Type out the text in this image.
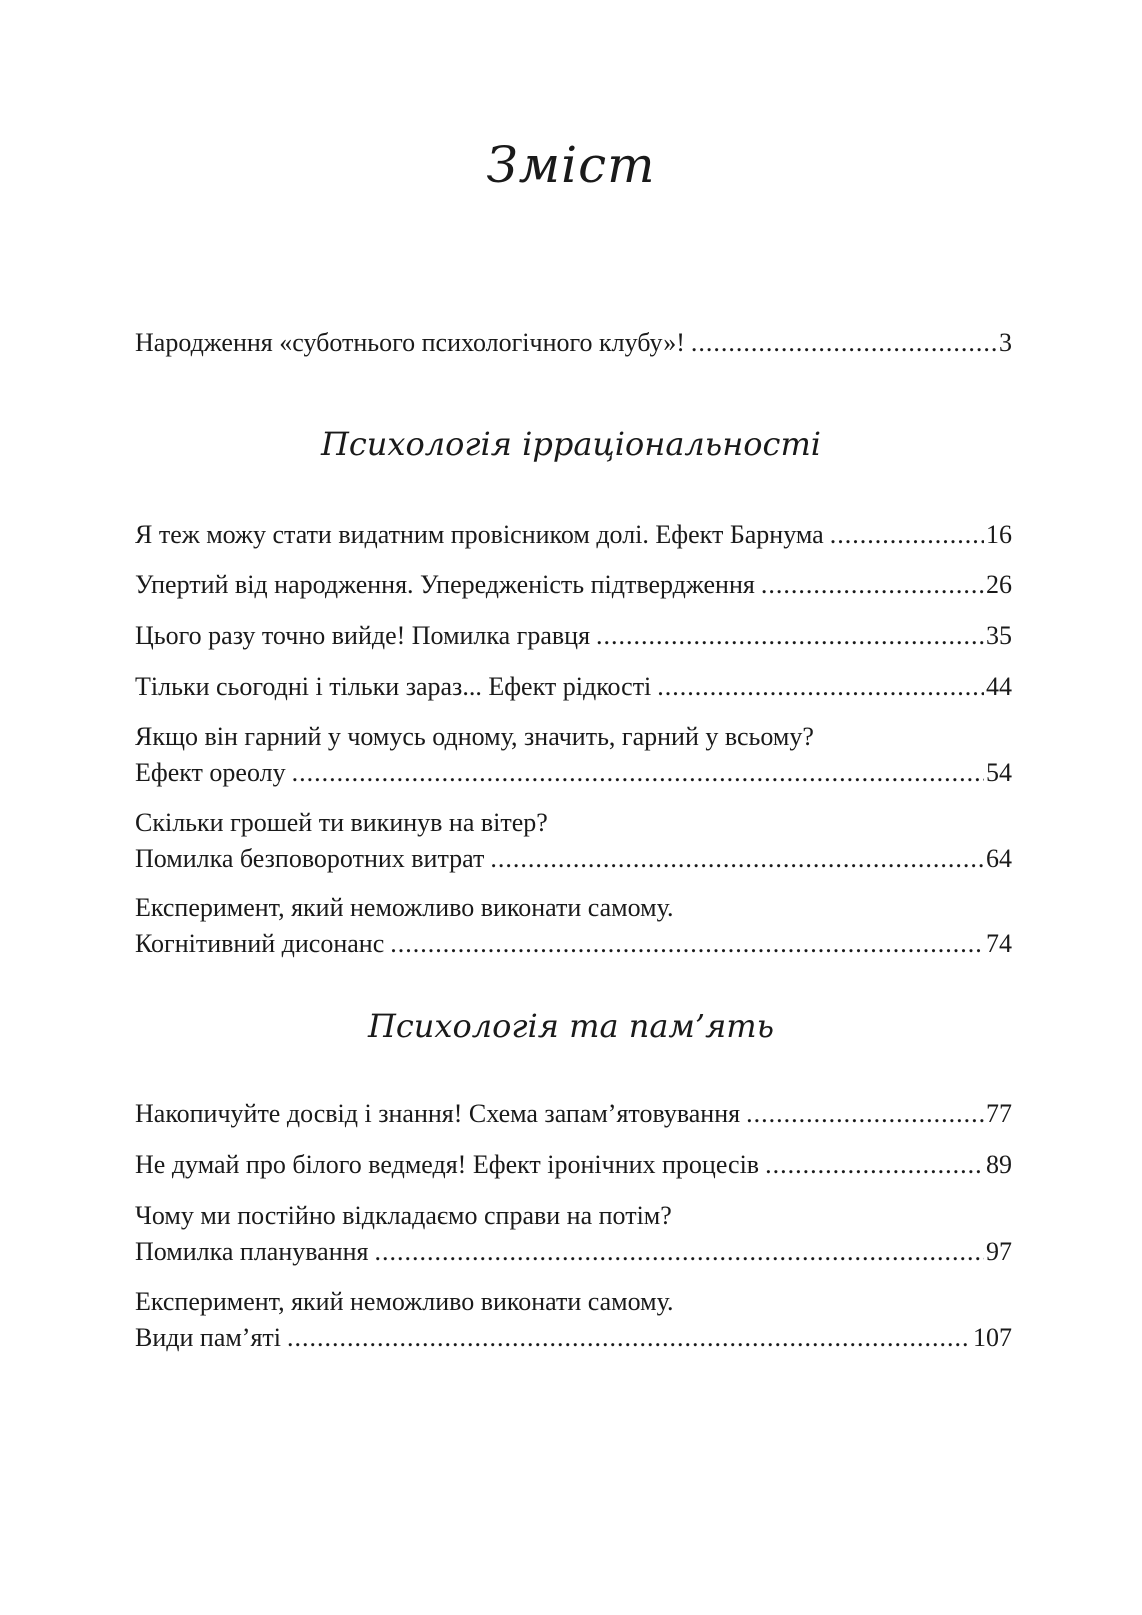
Зміст
Народження «суботнього психологічного клубу»! .....	3
Психологія ірраціональності
Я теж можу стати видатним провісником долі. Ефект Барнума .....	16
Упертий від народження. Упередженість підтвердження .....	26
Цього разу точно вийде! Помилка гравця .....	35
Тільки сьогодні і тільки зараз... Ефект рідкості .....	44
Якщо він гарний у чомусь одному, значить, гарний у всьому?
Ефект ореолу .....	54
Скільки грошей ти викинув на вітер?
Помилка безповоротних витрат .....	64
Експеримент, який неможливо виконати самому.
Когнітивний дисонанс .....	74
Психологія та пам’ять
Накопичуйте досвід і знання! Схема запам’ятовування .....	77
Не думай про білого ведмедя! Ефект іронічних процесів .....	89
Чому ми постійно відкладаємо справи на потім?
Помилка планування .....	97
Експеримент, який неможливо виконати самому.
Види пам’яті .....	107
